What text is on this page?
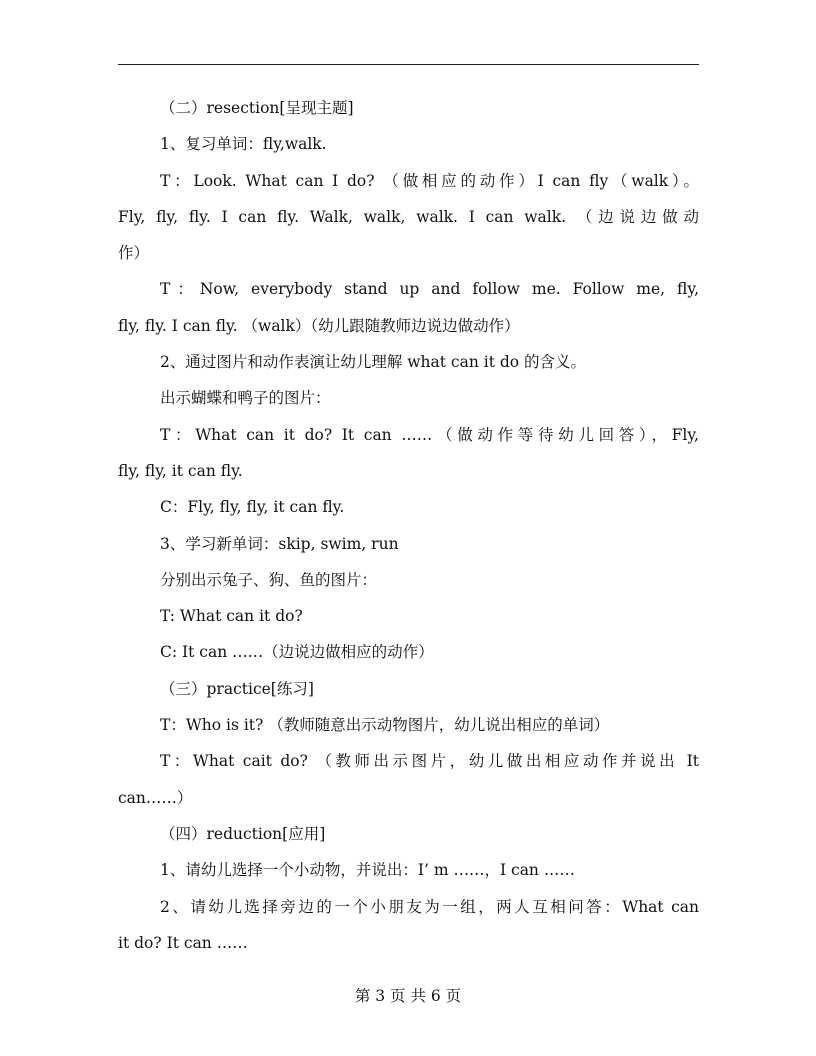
（二）resection[呈现主题]
1、复习单词：fly,walk.
T：Look. What can I do? （做相应的动作）I can fly（walk）。
Fly, fly, fly. I can fly. Walk, walk, walk. I can walk. （边说边做动
作）
T：Now, everybody stand up and follow me. Follow me, fly,
fly, fly. I can fly. （walk）（幼儿跟随教师边说边做动作）
2、通过图片和动作表演让幼儿理解 what can it do 的含义。
出示蝴蝶和鸭子的图片：
T：What can it do? It can ……（做动作等待幼儿回答），Fly,
fly, fly, it can fly.
C：Fly, fly, fly, it can fly.
3、学习新单词：skip, swim, run
分别出示兔子、狗、鱼的图片：
T: What can it do?
C: It can ……（边说边做相应的动作）
（三）practice[练习]
T：Who is it? （教师随意出示动物图片，幼儿说出相应的单词）
T：What cait do? （教师出示图片，幼儿做出相应动作并说出 It
can……）
（四）reduction[应用]
1、请幼儿选择一个小动物，并说出：I’ m ……，I can ……
2、请幼儿选择旁边的一个小朋友为一组，两人互相问答：What can
it do? It can ……
第 3 页 共 6 页
